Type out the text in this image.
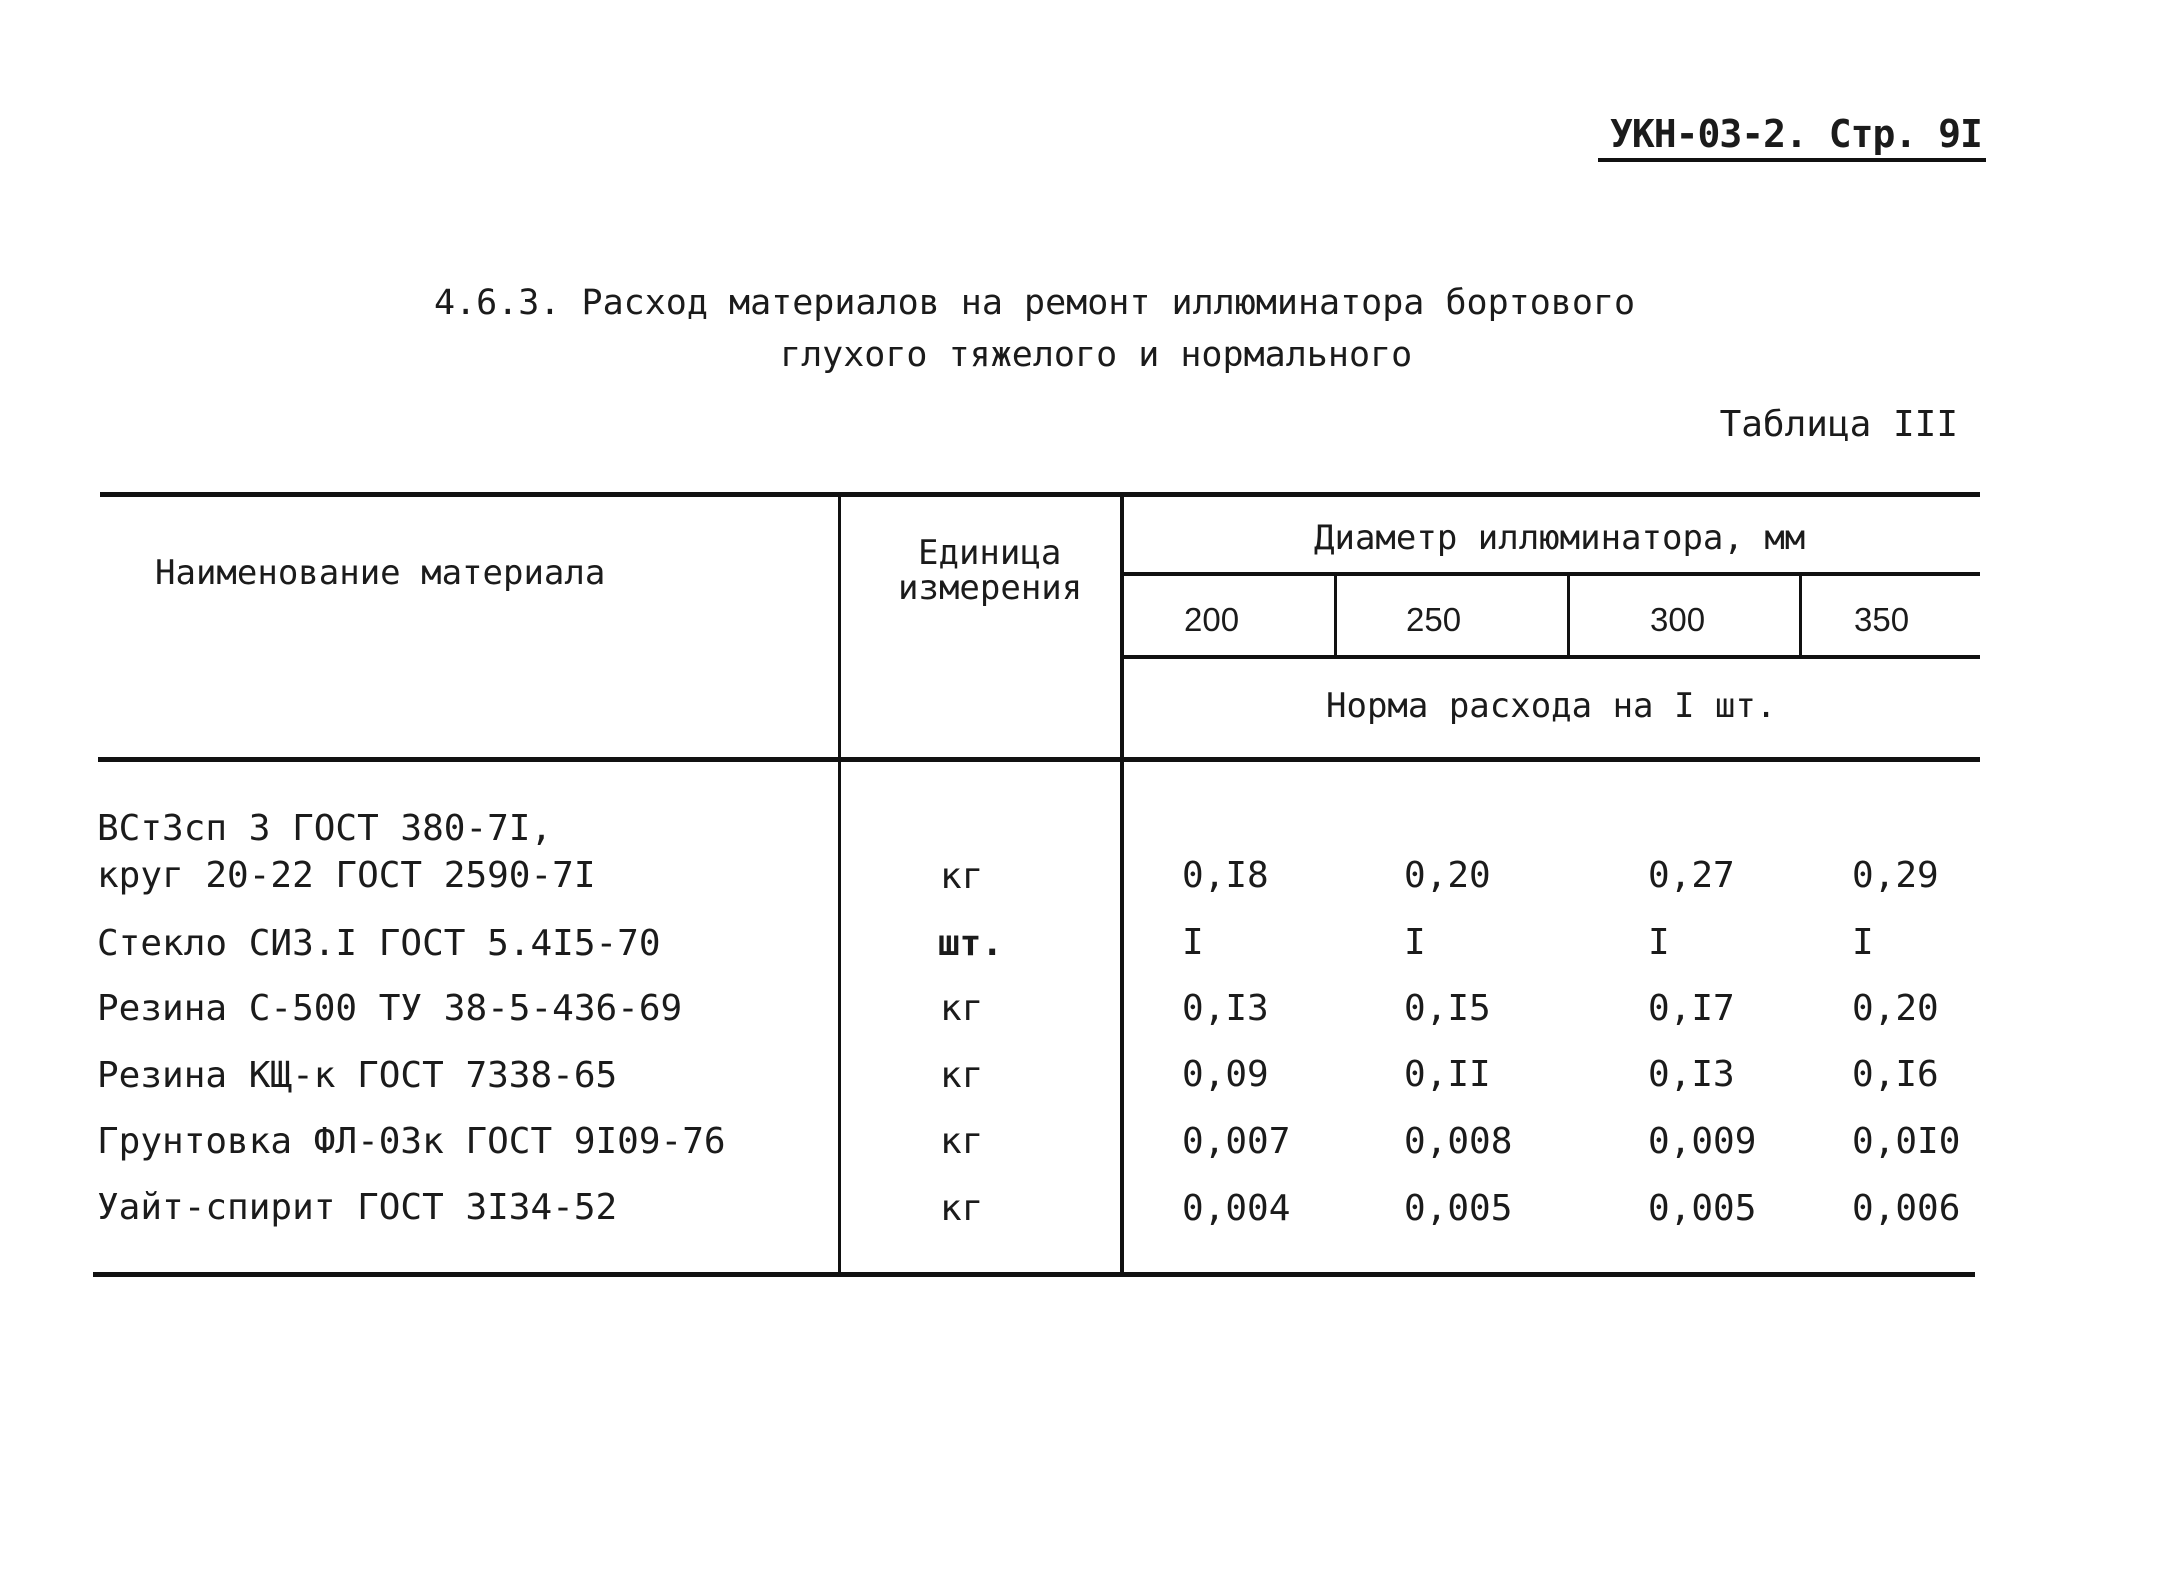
УКН-03-2. Стр. 9I
4.6.3. Расход материалов на ремонт иллюминатора бортового
глухого тяжелого и нормального
Таблица III
Наименование материала	Единица
измерения
Диаметр иллюминатора, мм
200	250	300	350
Норма расхода на I шт.
ВСт3сп 3 ГОСТ 380-7I,
круг 20-22 ГОСТ 2590-7I	кг	0,I8	0,20	0,27	0,29
Стекло СИЗ.I ГОСТ 5.4I5-70	шт.	I	I	I	I
Резина С-500 ТУ 38-5-436-69	кг	0,I3	0,I5	0,I7	0,20
Резина КЩ-к ГОСТ 7338-65	кг	0,09	0,II	0,I3	0,I6
Грунтовка ФЛ-03к ГОСТ 9I09-76	кг	0,007	0,008	0,009	0,0I0
Уайт-спирит ГОСТ 3I34-52	кг	0,004	0,005	0,005	0,006
